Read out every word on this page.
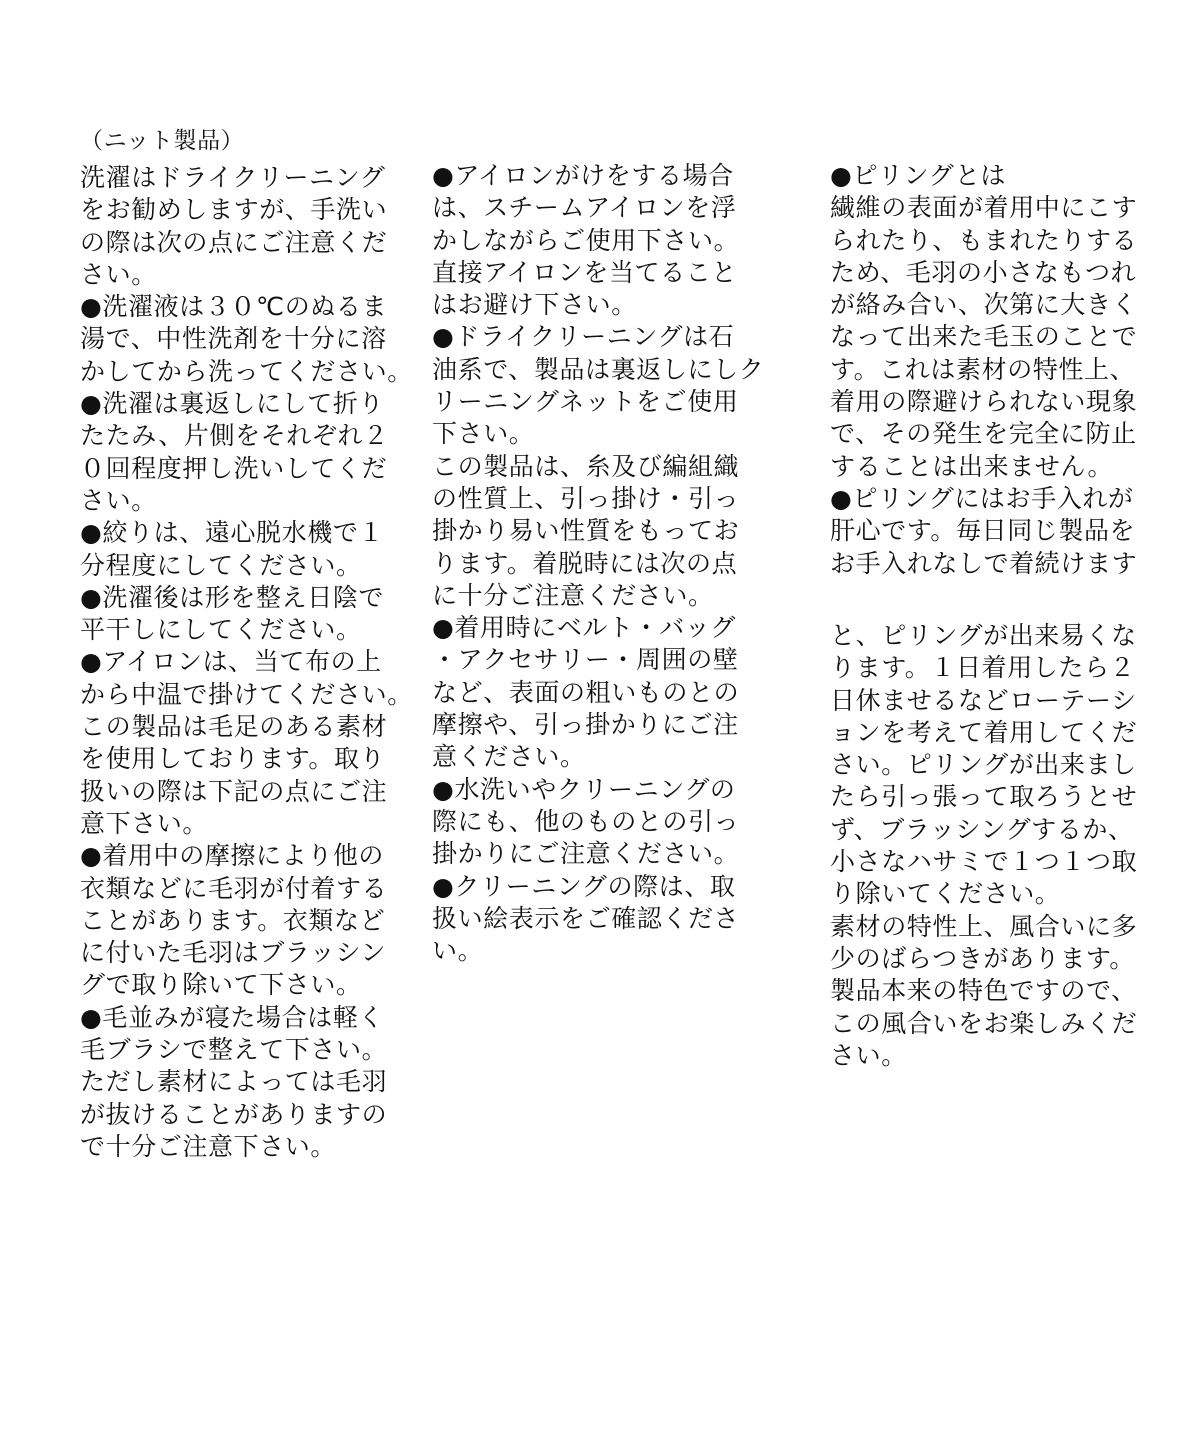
（ニット製品）
洗濯はドライクリーニング
をお勧めしますが、手洗い
の際は次の点にご注意くだ
さい。
●洗濯液は３０℃のぬるま
湯で、中性洗剤を十分に溶
かしてから洗ってください。
●洗濯は裏返しにして折り
たたみ、片側をそれぞれ２
０回程度押し洗いしてくだ
さい。
●絞りは、遠心脱水機で１
分程度にしてください。
●洗濯後は形を整え日陰で
平干しにしてください。
●アイロンは、当て布の上
から中温で掛けてください。
この製品は毛足のある素材
を使用しております。取り
扱いの際は下記の点にご注
意下さい。
●着用中の摩擦により他の
衣類などに毛羽が付着する
ことがあります。衣類など
に付いた毛羽はブラッシン
グで取り除いて下さい。
●毛並みが寝た場合は軽く
毛ブラシで整えて下さい。
ただし素材によっては毛羽
が抜けることがありますの
で十分ご注意下さい。
●アイロンがけをする場合
は、スチームアイロンを浮
かしながらご使用下さい。
直接アイロンを当てること
はお避け下さい。
●ドライクリーニングは石
油系で、製品は裏返しにしク
リーニングネットをご使用
下さい。
この製品は、糸及び編組織
の性質上、引っ掛け・引っ
掛かり易い性質をもってお
ります。着脱時には次の点
に十分ご注意ください。
●着用時にベルト・バッグ
・アクセサリー・周囲の壁
など、表面の粗いものとの
摩擦や、引っ掛かりにご注
意ください。
●水洗いやクリーニングの
際にも、他のものとの引っ
掛かりにご注意ください。
●クリーニングの際は、取
扱い絵表示をご確認くださ
い。
●ピリングとは
繊維の表面が着用中にこす
られたり、もまれたりする
ため、毛羽の小さなもつれ
が絡み合い、次第に大きく
なって出来た毛玉のことで
す。これは素材の特性上、
着用の際避けられない現象
で、その発生を完全に防止
することは出来ません。
●ピリングにはお手入れが
肝心です。毎日同じ製品を
お手入れなしで着続けます
と、ピリングが出来易くな
ります。１日着用したら２
日休ませるなどローテーシ
ョンを考えて着用してくだ
さい。ピリングが出来まし
たら引っ張って取ろうとせ
ず、ブラッシングするか、
小さなハサミで１つ１つ取
り除いてください。
素材の特性上、風合いに多
少のばらつきがあります。
製品本来の特色ですので、
この風合いをお楽しみくだ
さい。
